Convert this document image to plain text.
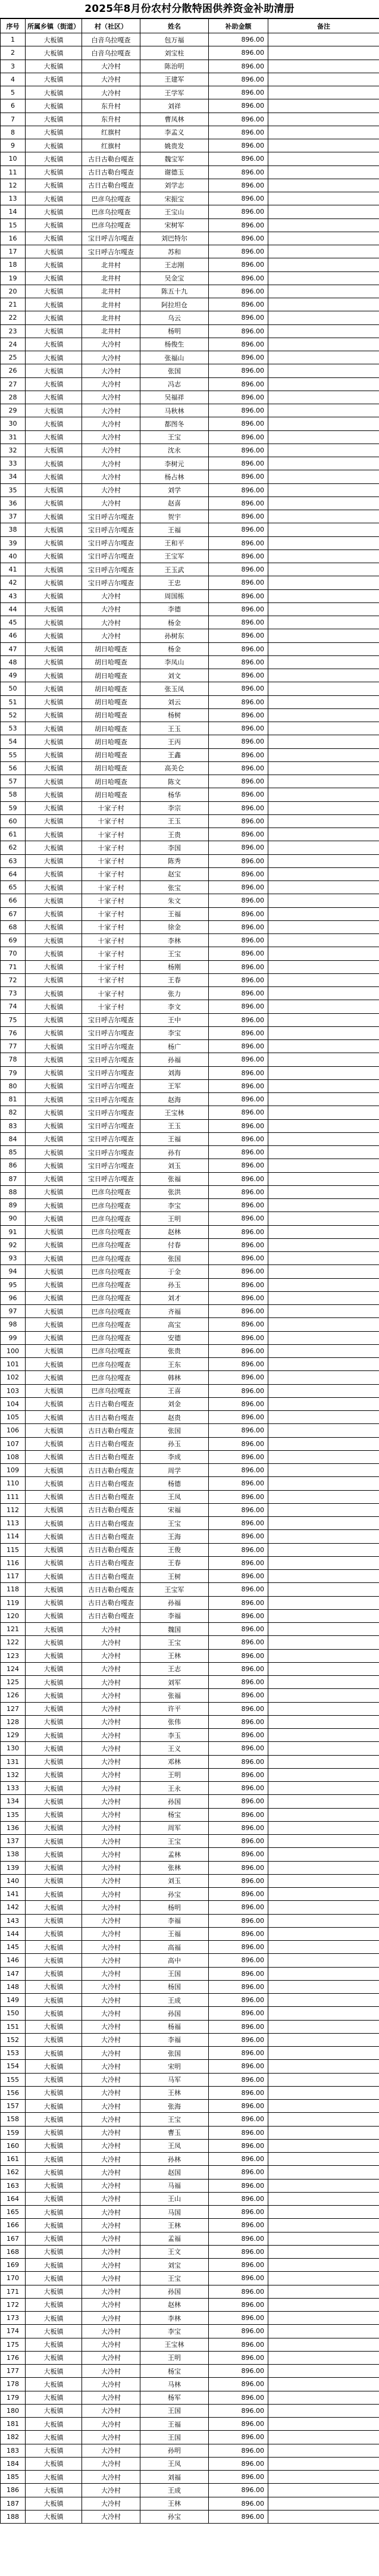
2025年8月份农村分散特困供养资金补助清册
序号	所属乡镇（街道）	村（社区）	姓名	补助金额	备注
1	大板镇	白音乌拉嘎查	包万福	896.00	
2	大板镇	白音乌拉嘎查	刘宝柱	896.00	
3	大板镇	大冷村	陈治明	896.00	
4	大板镇	大冷村	王建军	896.00	
5	大板镇	大冷村	王学军	896.00	
6	大板镇	东升村	刘祥	896.00	
7	大板镇	东升村	曹凤林	896.00	
8	大板镇	红旗村	李孟义	896.00	
9	大板镇	红旗村	姚贵发	896.00	
10	大板镇	古日古勒台嘎查	魏宝军	896.00	
11	大板镇	古日古勒台嘎查	谢德玉	896.00	
12	大板镇	古日古勒台嘎查	刘学志	896.00	
13	大板镇	巴彦乌拉嘎查	宋振宝	896.00	
14	大板镇	巴彦乌拉嘎查	王宝山	896.00	
15	大板镇	巴彦乌拉嘎查	宋树军	896.00	
16	大板镇	宝日呼吉尔嘎查	刘巴特尔	896.00	
17	大板镇	宝日呼吉尔嘎查	苏和	896.00	
18	大板镇	北井村	王志刚	896.00	
19	大板镇	北井村	吴金宝	896.00	
20	大板镇	北井村	陈五十九	896.00	
21	大板镇	北井村	阿拉坦仓	896.00	
22	大板镇	北井村	乌云	896.00	
23	大板镇	北井村	杨明	896.00	
24	大板镇	大冷村	杨俊生	896.00	
25	大板镇	大冷村	张福山	896.00	
26	大板镇	大冷村	张国	896.00	
27	大板镇	大冷村	冯志	896.00	
28	大板镇	大冷村	吴福祥	896.00	
29	大板镇	大冷村	马秋林	896.00	
30	大板镇	大冷村	都图冬	896.00	
31	大板镇	大冷村	王宝	896.00	
32	大板镇	大冷村	沈永	896.00	
33	大板镇	大冷村	李树元	896.00	
34	大板镇	大冷村	杨占林	896.00	
35	大板镇	大冷村	刘学	896.00	
36	大板镇	大冷村	赵喜	896.00	
37	大板镇	宝日呼吉尔嘎查	贺宇	896.00	
38	大板镇	宝日呼吉尔嘎查	王福	896.00	
39	大板镇	宝日呼吉尔嘎查	王和平	896.00	
40	大板镇	宝日呼吉尔嘎查	王宝军	896.00	
41	大板镇	宝日呼吉尔嘎查	王玉武	896.00	
42	大板镇	宝日呼吉尔嘎查	王忠	896.00	
43	大板镇	大冷村	周国栋	896.00	
44	大板镇	大冷村	李德	896.00	
45	大板镇	大冷村	杨金	896.00	
46	大板镇	大冷村	孙树东	896.00	
47	大板镇	胡日哈嘎查	杨金	896.00	
48	大板镇	胡日哈嘎查	李凤山	896.00	
49	大板镇	胡日哈嘎查	刘文	896.00	
50	大板镇	胡日哈嘎查	张玉凤	896.00	
51	大板镇	胡日哈嘎查	刘云	896.00	
52	大板镇	胡日哈嘎查	杨树	896.00	
53	大板镇	胡日哈嘎查	王玉	896.00	
54	大板镇	胡日哈嘎查	王丙	896.00	
55	大板镇	胡日哈嘎查	王鑫	896.00	
56	大板镇	胡日哈嘎查	高美仑	896.00	
57	大板镇	胡日哈嘎查	陈文	896.00	
58	大板镇	胡日哈嘎查	杨华	896.00	
59	大板镇	十家子村	李宗	896.00	
60	大板镇	十家子村	王玉	896.00	
61	大板镇	十家子村	王贵	896.00	
62	大板镇	十家子村	李国	896.00	
63	大板镇	十家子村	陈秀	896.00	
64	大板镇	十家子村	赵宝	896.00	
65	大板镇	十家子村	张宝	896.00	
66	大板镇	十家子村	朱文	896.00	
67	大板镇	十家子村	王福	896.00	
68	大板镇	十家子村	徐金	896.00	
69	大板镇	十家子村	李林	896.00	
70	大板镇	十家子村	王宝	896.00	
71	大板镇	十家子村	杨刚	896.00	
72	大板镇	十家子村	王春	896.00	
73	大板镇	十家子村	张力	896.00	
74	大板镇	十家子村	李文	896.00	
75	大板镇	宝日呼吉尔嘎查	王中	896.00	
76	大板镇	宝日呼吉尔嘎查	李宝	896.00	
77	大板镇	宝日呼吉尔嘎查	杨广	896.00	
78	大板镇	宝日呼吉尔嘎查	孙福	896.00	
79	大板镇	宝日呼吉尔嘎查	刘海	896.00	
80	大板镇	宝日呼吉尔嘎查	王军	896.00	
81	大板镇	宝日呼吉尔嘎查	赵海	896.00	
82	大板镇	宝日呼吉尔嘎查	王宝林	896.00	
83	大板镇	宝日呼吉尔嘎查	王玉	896.00	
84	大板镇	宝日呼吉尔嘎查	王福	896.00	
85	大板镇	宝日呼吉尔嘎查	孙有	896.00	
86	大板镇	宝日呼吉尔嘎查	刘玉	896.00	
87	大板镇	宝日呼吉尔嘎查	张福	896.00	
88	大板镇	巴彦乌拉嘎查	张洪	896.00	
89	大板镇	巴彦乌拉嘎查	李宝	896.00	
90	大板镇	巴彦乌拉嘎查	王明	896.00	
91	大板镇	巴彦乌拉嘎查	赵林	896.00	
92	大板镇	巴彦乌拉嘎查	付春	896.00	
93	大板镇	巴彦乌拉嘎查	张国	896.00	
94	大板镇	巴彦乌拉嘎查	于金	896.00	
95	大板镇	巴彦乌拉嘎查	孙玉	896.00	
96	大板镇	巴彦乌拉嘎查	刘才	896.00	
97	大板镇	巴彦乌拉嘎查	齐福	896.00	
98	大板镇	巴彦乌拉嘎查	高宝	896.00	
99	大板镇	巴彦乌拉嘎查	安德	896.00	
100	大板镇	巴彦乌拉嘎查	张贵	896.00	
101	大板镇	巴彦乌拉嘎查	王东	896.00	
102	大板镇	巴彦乌拉嘎查	韩林	896.00	
103	大板镇	巴彦乌拉嘎查	王喜	896.00	
104	大板镇	古日古勒台嘎查	刘金	896.00	
105	大板镇	古日古勒台嘎查	赵贵	896.00	
106	大板镇	古日古勒台嘎查	张国	896.00	
107	大板镇	古日古勒台嘎查	孙玉	896.00	
108	大板镇	古日古勒台嘎查	李成	896.00	
109	大板镇	古日古勒台嘎查	周学	896.00	
110	大板镇	古日古勒台嘎查	杨德	896.00	
111	大板镇	古日古勒台嘎查	王凤	896.00	
112	大板镇	古日古勒台嘎查	宋福	896.00	
113	大板镇	古日古勒台嘎查	王宝	896.00	
114	大板镇	古日古勒台嘎查	王海	896.00	
115	大板镇	古日古勒台嘎查	王俊	896.00	
116	大板镇	古日古勒台嘎查	王春	896.00	
117	大板镇	古日古勒台嘎查	王树	896.00	
118	大板镇	古日古勒台嘎查	王宝军	896.00	
119	大板镇	古日古勒台嘎查	孙福	896.00	
120	大板镇	古日古勒台嘎查	李福	896.00	
121	大板镇	大冷村	魏国	896.00	
122	大板镇	大冷村	王宝	896.00	
123	大板镇	大冷村	王林	896.00	
124	大板镇	大冷村	王志	896.00	
125	大板镇	大冷村	刘军	896.00	
126	大板镇	大冷村	张福	896.00	
127	大板镇	大冷村	许平	896.00	
128	大板镇	大冷村	张伟	896.00	
129	大板镇	大冷村	李玉	896.00	
130	大板镇	大冷村	王义	896.00	
131	大板镇	大冷村	邓林	896.00	
132	大板镇	大冷村	王明	896.00	
133	大板镇	大冷村	王永	896.00	
134	大板镇	大冷村	孙国	896.00	
135	大板镇	大冷村	杨宝	896.00	
136	大板镇	大冷村	周军	896.00	
137	大板镇	大冷村	王宝	896.00	
138	大板镇	大冷村	孟林	896.00	
139	大板镇	大冷村	张林	896.00	
140	大板镇	大冷村	刘玉	896.00	
141	大板镇	大冷村	孙宝	896.00	
142	大板镇	大冷村	杨明	896.00	
143	大板镇	大冷村	李福	896.00	
144	大板镇	大冷村	王福	896.00	
145	大板镇	大冷村	高福	896.00	
146	大板镇	大冷村	高中	896.00	
147	大板镇	大冷村	王国	896.00	
148	大板镇	大冷村	杨国	896.00	
149	大板镇	大冷村	王成	896.00	
150	大板镇	大冷村	孙国	896.00	
151	大板镇	大冷村	杨福	896.00	
152	大板镇	大冷村	李福	896.00	
153	大板镇	大冷村	张国	896.00	
154	大板镇	大冷村	宋明	896.00	
155	大板镇	大冷村	马军	896.00	
156	大板镇	大冷村	王林	896.00	
157	大板镇	大冷村	张海	896.00	
158	大板镇	大冷村	王宝	896.00	
159	大板镇	大冷村	曹玉	896.00	
160	大板镇	大冷村	王凤	896.00	
161	大板镇	大冷村	孙林	896.00	
162	大板镇	大冷村	赵国	896.00	
163	大板镇	大冷村	马福	896.00	
164	大板镇	大冷村	王山	896.00	
165	大板镇	大冷村	马国	896.00	
166	大板镇	大冷村	王林	896.00	
167	大板镇	大冷村	孟福	896.00	
168	大板镇	大冷村	王文	896.00	
169	大板镇	大冷村	刘宝	896.00	
170	大板镇	大冷村	王宝	896.00	
171	大板镇	大冷村	孙国	896.00	
172	大板镇	大冷村	赵林	896.00	
173	大板镇	大冷村	李林	896.00	
174	大板镇	大冷村	李宝	896.00	
175	大板镇	大冷村	王宝林	896.00	
176	大板镇	大冷村	王明	896.00	
177	大板镇	大冷村	杨宝	896.00	
178	大板镇	大冷村	马林	896.00	
179	大板镇	大冷村	杨军	896.00	
180	大板镇	大冷村	王国	896.00	
181	大板镇	大冷村	王福	896.00	
182	大板镇	大冷村	王国	896.00	
183	大板镇	大冷村	孙明	896.00	
184	大板镇	大冷村	王凤	896.00	
185	大板镇	大冷村	刘福	896.00	
186	大板镇	大冷村	王成	896.00	
187	大板镇	大冷村	王林	896.00	
188	大板镇	大冷村	孙宝	896.00	
